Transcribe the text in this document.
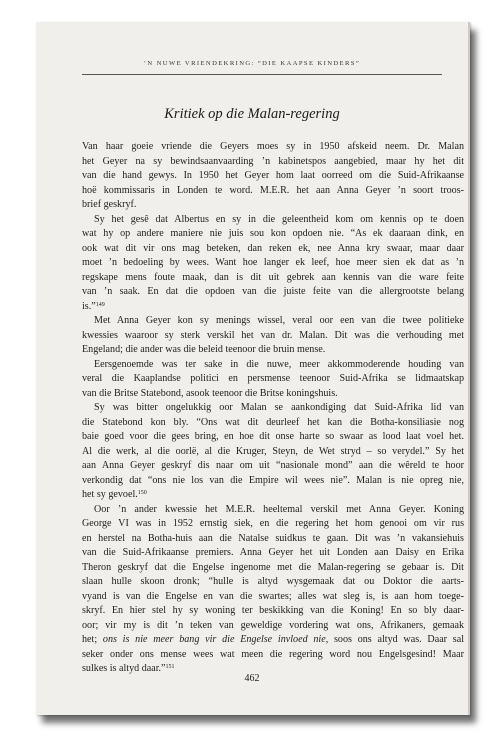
‘N NUWE VRIENDEKRING: “DIE KAAPSE KINDERS”
Kritiek op die Malan-regering

Van haar goeie vriende die Geyers moes sy in 1950 afskeid neem. Dr. Malan
het Geyer na sy bewindsaanvaarding ’n kabinetspos aangebied, maar hy het dit
van die hand gewys. In 1950 het Geyer hom laat oorreed om die Suid-Afrikaanse
hoë kommissaris in Londen te word. M.E.R. het aan Anna Geyer ’n soort troos-
brief geskryf.

Sy het gesê dat Albertus en sy in die geleentheid kom om kennis op te doen
wat hy op andere maniere nie juis sou kon opdoen nie. “As ek daaraan dink, en
ook wat dit vir ons mag beteken, dan reken ek, nee Anna kry swaar, maar daar
moet ’n bedoeling by wees. Want hoe langer ek leef, hoe meer sien ek dat as ’n
regskape mens foute maak, dan is dit uit gebrek aan kennis van die ware feite
van ’n saak. En dat die opdoen van die juiste feite van die allergrootste belang
is.”$^{149}$

Met Anna Geyer kon sy menings wissel, veral oor een van die twee politieke
kwessies waaroor sy sterk verskil het van dr. Malan. Dit was die verhouding met
Engeland; die ander was die beleid teenoor die bruin mense.

Eersgenoemde was ter sake in die nuwe, meer akkommoderende houding van
veral die Kaaplandse politici en persmense teenoor Suid-Afrika se lidmaatskap
van die Britse Statebond, asook teenoor die Britse koningshuis.

Sy was bitter ongelukkig oor Malan se aankondiging dat Suid-Afrika lid van
die Statebond kon bly. “Ons wat dit deurleef het kan die Botha-konsiliasie nog
baie goed voor die gees bring, en hoe dit onse harte so swaar as lood laat voel het.
Al die werk, al die oorlë, al die Kruger, Steyn, de Wet stryd – so verydel.” Sy het
aan Anna Geyer geskryf dis naar om uit “nasionale mond” aan die wêreld te hoor
verkondig dat “ons nie los van die Empire wil wees nie”. Malan is nie opreg nie,
het sy gevoel.$^{150}$

Oor ’n ander kwessie het M.E.R. heeltemal verskil met Anna Geyer. Koning
George VI was in 1952 ernstig siek, en die regering het hom genooi om vir rus
en herstel na Botha-huis aan die Natalse suidkus te gaan. Dit was ’n vakansiehuis
van die Suid-Afrikaanse premiers. Anna Geyer het uit Londen aan Daisy en Erika
Theron geskryf dat die Engelse ingenome met die Malan-regering se gebaar is. Dit
slaan hulle skoon dronk; “hulle is altyd wysgemaak dat ou Doktor die aarts-
vyand is van die Engelse en van die swartes; alles wat sleg is, is aan hom toege-
skryf. En hier stel hy sy woning ter beskikking van die Koning! En so bly daar-
oor; vir my is dit ’n teken van geweldige vordering wat ons, Afrikaners, gemaak
het; ons is nie meer bang vir die Engelse invloed nie, soos ons altyd was. Daar sal
seker onder ons mense wees wat meen die regering word nou Engelsgesind! Maar
sulkes is altyd daar.”$^{151}$

462
